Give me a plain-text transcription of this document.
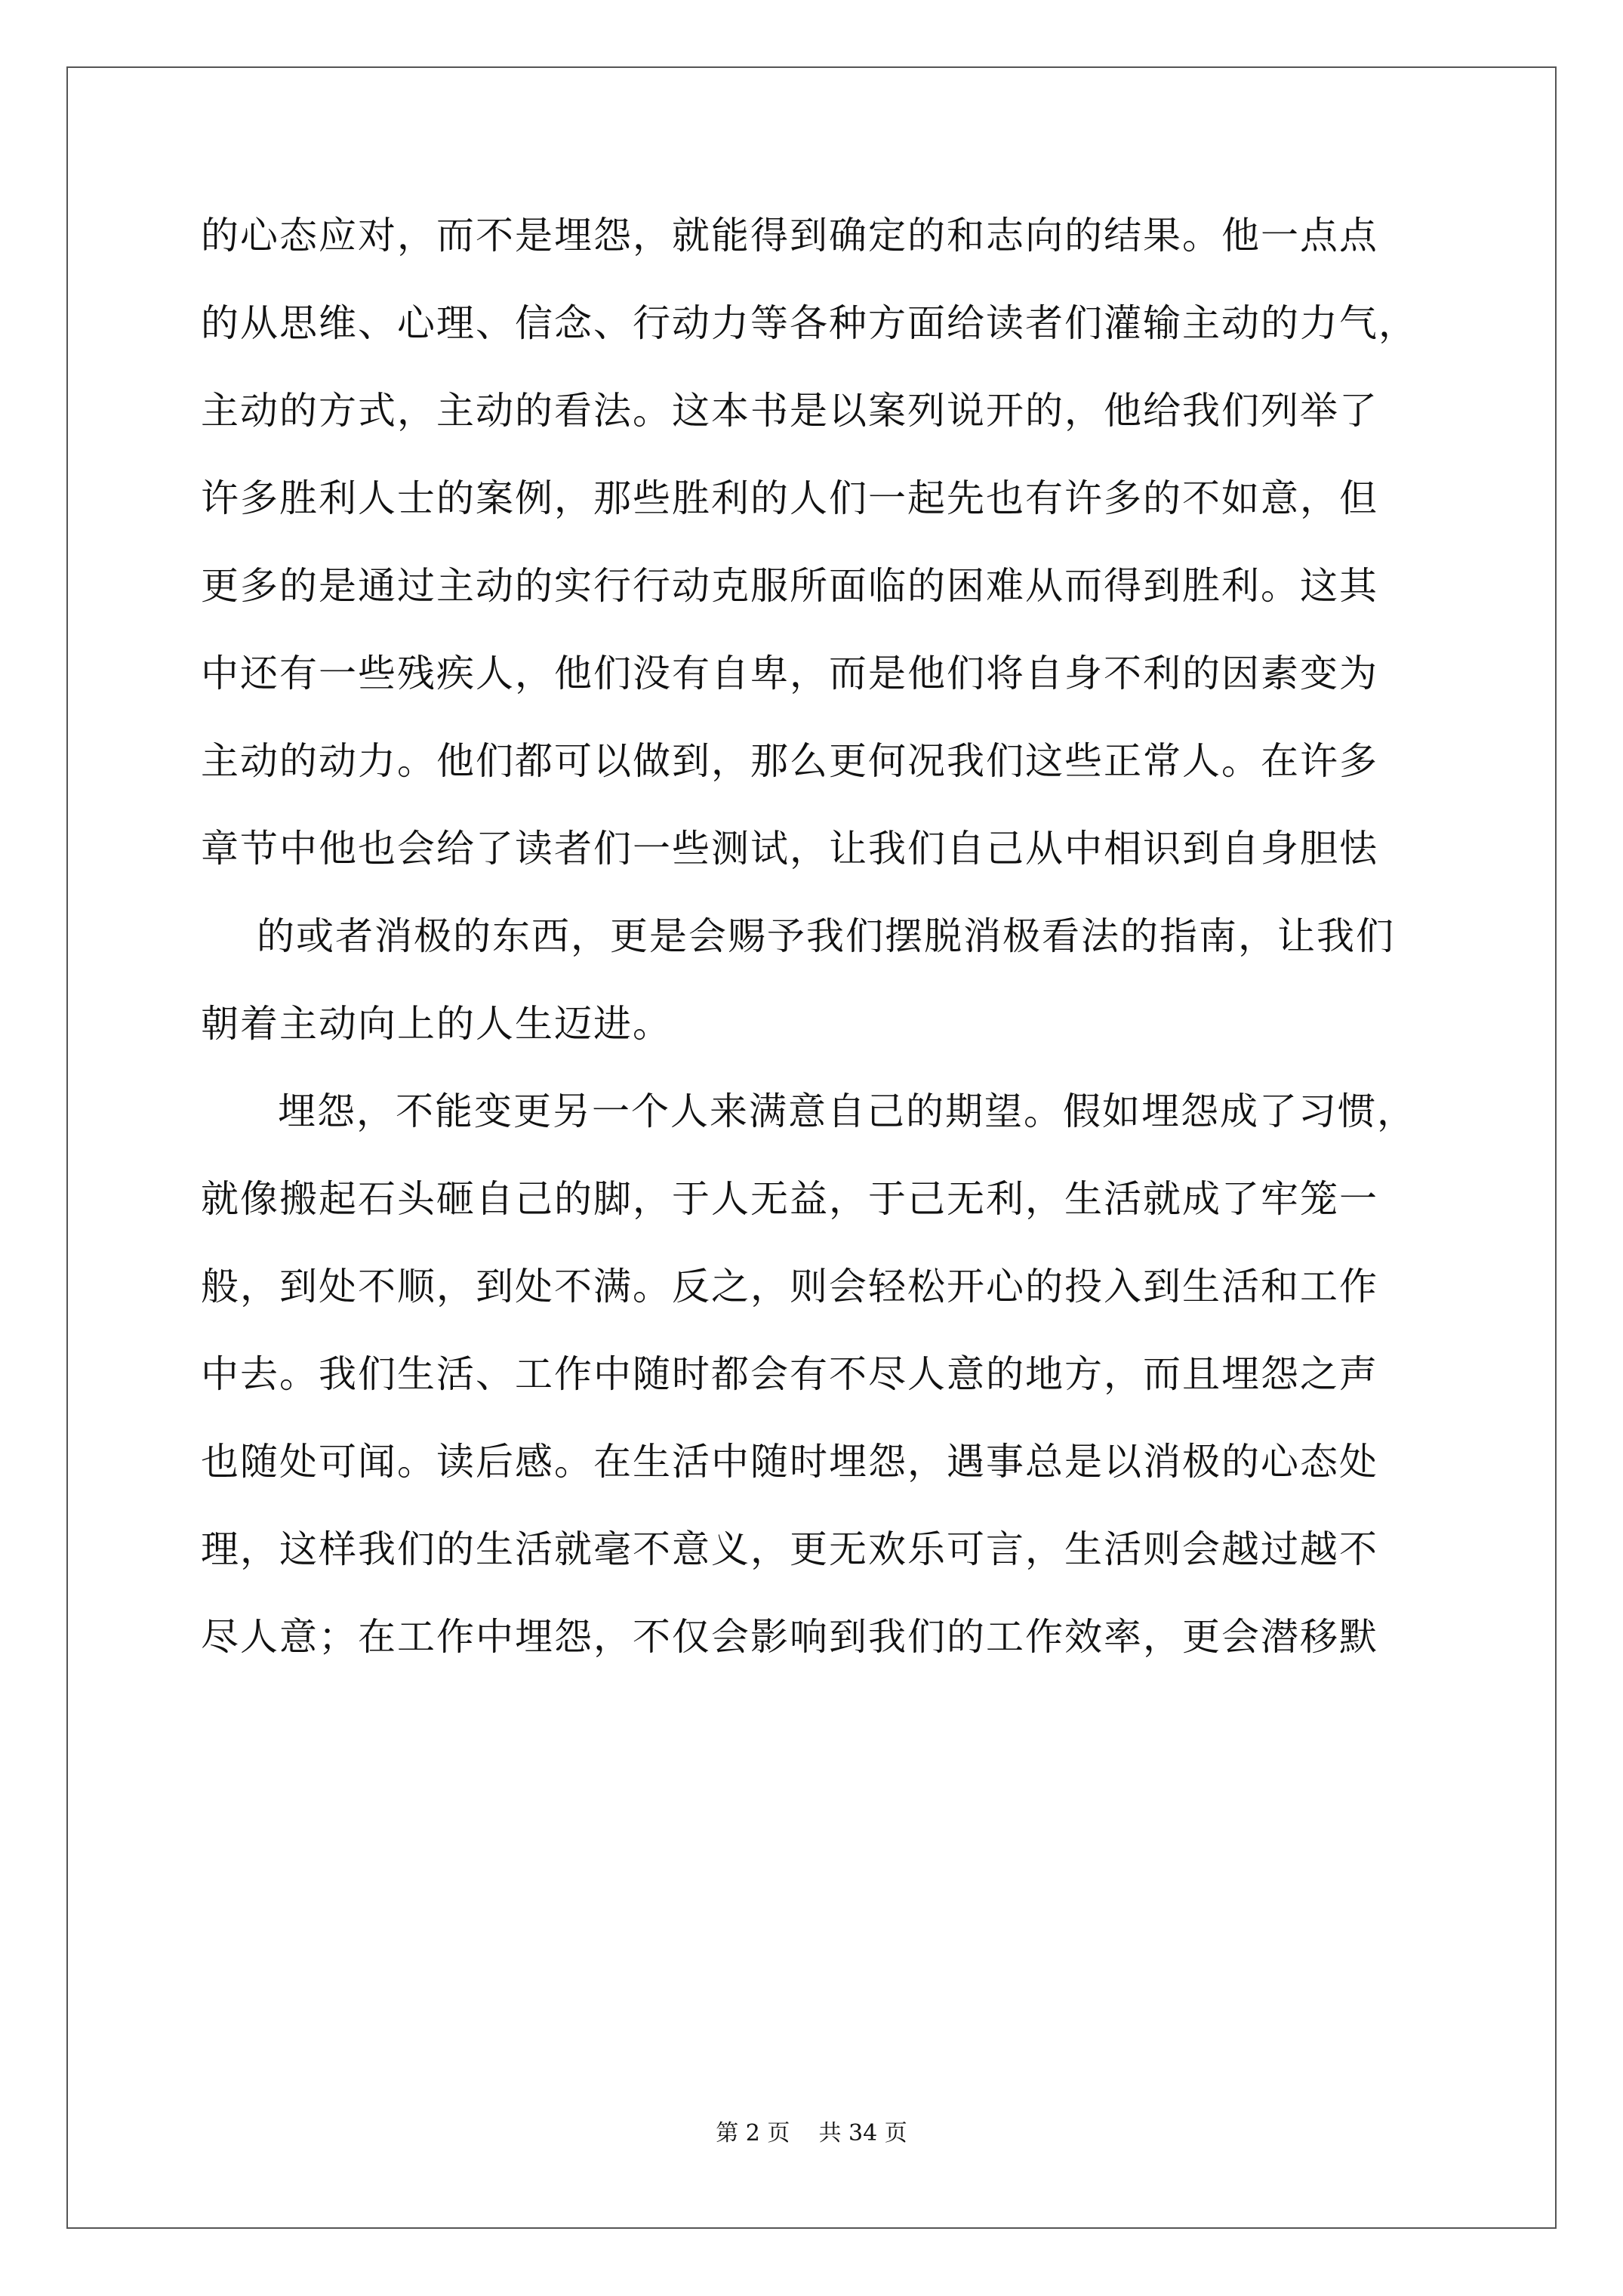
的心态应对，而不是埋怨，就能得到确定的和志向的结果。他一点点
的从思维、心理、信念、行动力等各种方面给读者们灌输主动的力气，
主动的方式，主动的看法。这本书是以案列说开的，他给我们列举了
许多胜利人士的案例，那些胜利的人们一起先也有许多的不如意，但
更多的是通过主动的实行行动克服所面临的困难从而得到胜利。这其
中还有一些残疾人，他们没有自卑，而是他们将自身不利的因素变为
主动的动力。他们都可以做到，那么更何况我们这些正常人。在许多
章节中他也会给了读者们一些测试，让我们自己从中相识到自身胆怯
的或者消极的东西，更是会赐予我们摆脱消极看法的指南，让我们
朝着主动向上的人生迈进。
埋怨，不能变更另一个人来满意自己的期望。假如埋怨成了习惯，
就像搬起石头砸自己的脚，于人无益，于己无利，生活就成了牢笼一
般，到处不顺，到处不满。反之，则会轻松开心的投入到生活和工作
中去。我们生活、工作中随时都会有不尽人意的地方，而且埋怨之声
也随处可闻。读后感。在生活中随时埋怨，遇事总是以消极的心态处
理，这样我们的生活就毫不意义，更无欢乐可言，生活则会越过越不
尽人意；在工作中埋怨，不仅会影响到我们的工作效率，更会潜移默
第 2 页    共 34 页
